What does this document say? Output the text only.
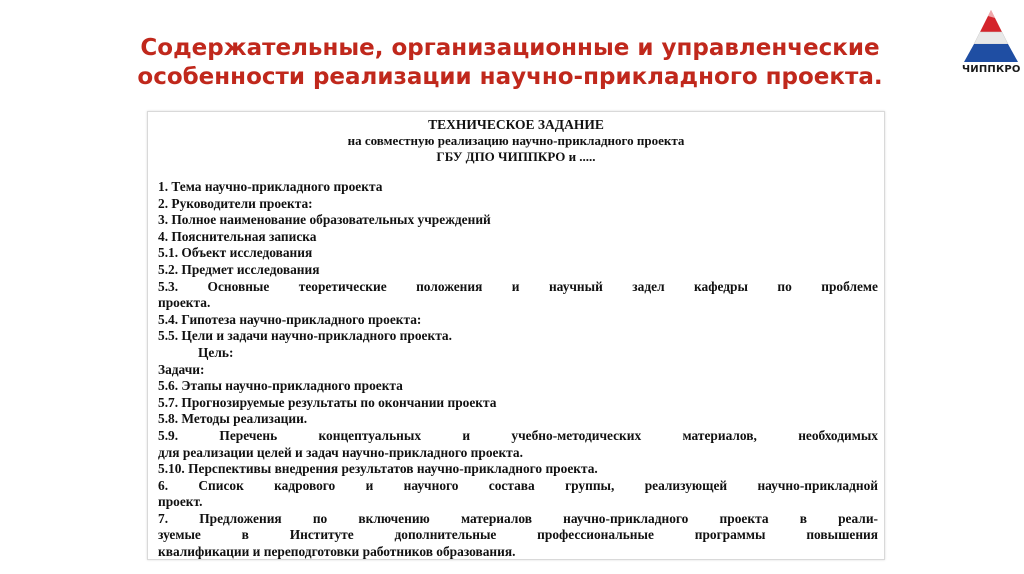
Содержательные, организационные и управленческие
особенности реализации научно-прикладного проекта.	ЧИППКРО
ТЕХНИЧЕСКОЕ ЗАДАНИЕ
на совместную реализацию научно-прикладного проекта
ГБУ ДПО ЧИППКРО и .....
1. Тема научно-прикладного проекта
2. Руководители проекта:
3. Полное наименование образовательных учреждений
4. Пояснительная записка
5.1. Объект исследования
5.2. Предмет исследования
5.3. Основные теоретические положения и научный задел кафедры по проблеме
проекта.
5.4. Гипотеза научно-прикладного проекта:
5.5. Цели и задачи научно-прикладного проекта.
Цель:
Задачи:
5.6. Этапы научно-прикладного проекта
5.7. Прогнозируемые результаты по окончании проекта
5.8. Методы реализации.
5.9. Перечень концептуальных и учебно-методических материалов, необходимых
для реализации целей и задач научно-прикладного проекта.
5.10. Перспективы внедрения результатов научно-прикладного проекта.
6. Список кадрового и научного состава группы, реализующей научно-прикладной
проект.
7. Предложения по включению материалов научно-прикладного проекта в реали-
зуемые в Институте дополнительные профессиональные программы повышения
квалификации и переподготовки работников образования.
